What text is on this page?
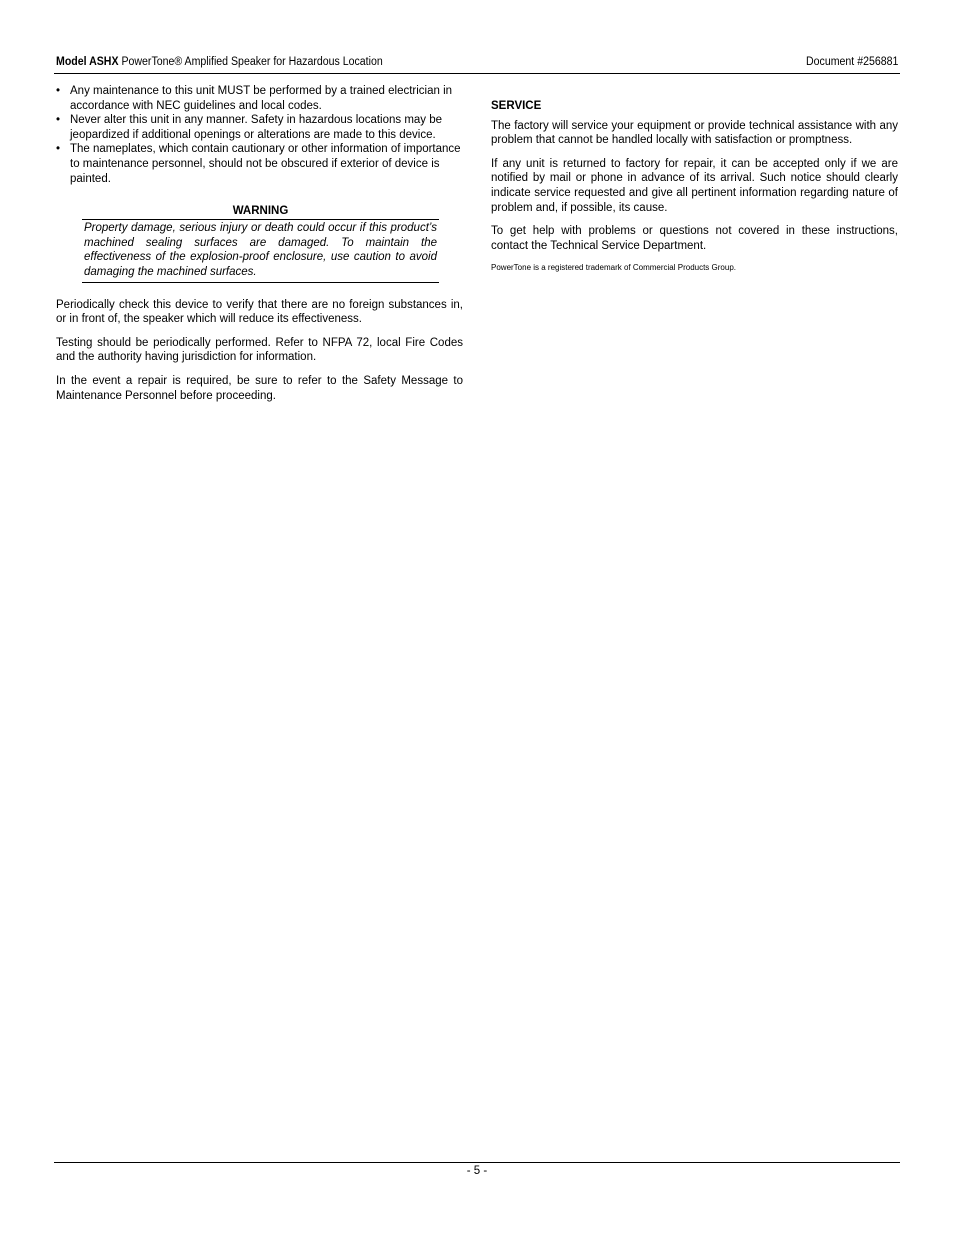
Model ASHX PowerTone® Amplified Speaker for Hazardous Location	Document #256881
• Any maintenance to this unit MUST be performed by a trained electrician in accordance with NEC guidelines and local codes.
• Never alter this unit in any manner. Safety in hazardous locations may be jeopardized if additional openings or alterations are made to this device.
• The nameplates, which contain cautionary or other information of importance to maintenance personnel, should not be obscured if exterior of device is painted.
WARNING
Property damage, serious injury or death could occur if this product’s machined sealing surfaces are damaged. To maintain the effectiveness of the explosion-proof enclosure, use caution to avoid damaging the machined surfaces.

Periodically check this device to verify that there are no foreign substances in, or in front of, the speaker which will reduce its effectiveness.

Testing should be periodically performed. Refer to NFPA 72, local Fire Codes and the authority having jurisdiction for information.

In the event a repair is required, be sure to refer to the Safety Message to Maintenance Personnel before proceeding.

SERVICE

The factory will service your equipment or provide technical assistance with any problem that cannot be handled locally with satisfaction or promptness.

If any unit is returned to factory for repair, it can be accepted only if we are notified by mail or phone in advance of its arrival. Such notice should clearly indicate service requested and give all pertinent information regarding nature of problem and, if possible, its cause.

To get help with problems or questions not covered in these instructions, contact the Technical Service Department.

PowerTone is a registered trademark of Commercial Products Group.
- 5 -
